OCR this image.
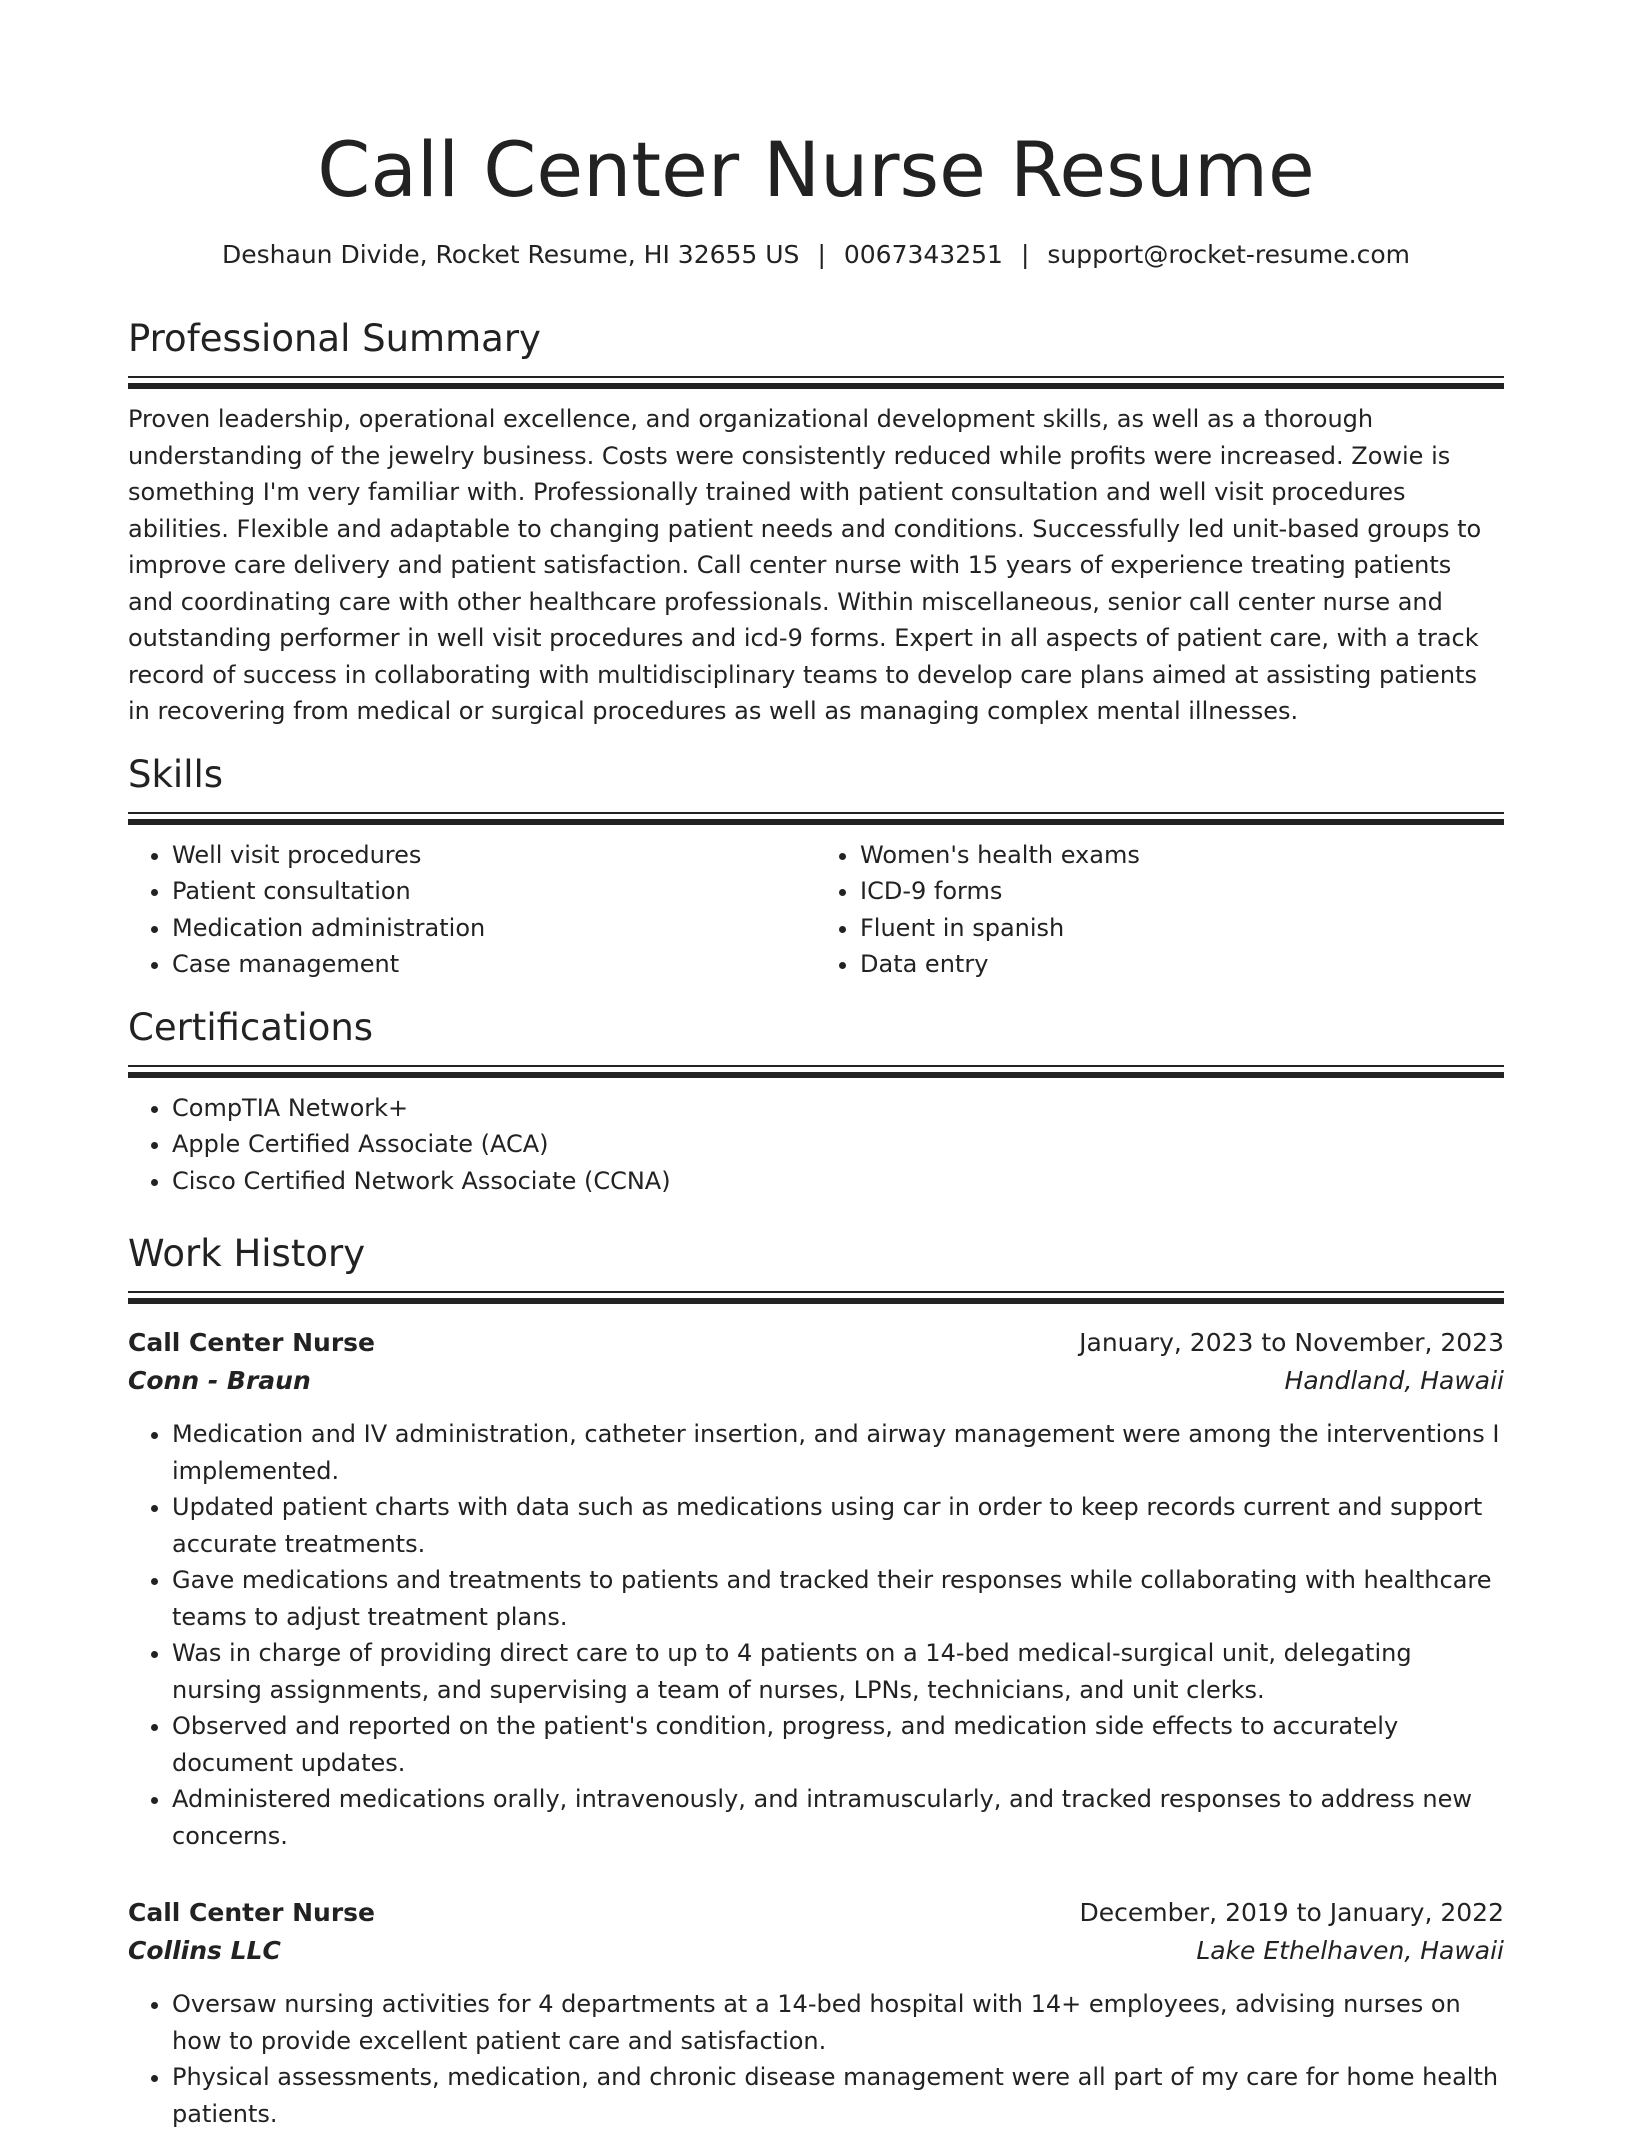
Call Center Nurse Resume
Deshaun Divide, Rocket Resume, HI 32655 US | 0067343251 | support@rocket-resume.com
Professional Summary
Proven leadership, operational excellence, and organizational development skills, as well as a thorough understanding of the jewelry business. Costs were consistently reduced while profits were increased. Zowie is something I'm very familiar with. Professionally trained with patient consultation and well visit procedures abilities. Flexible and adaptable to changing patient needs and conditions. Successfully led unit-based groups to improve care delivery and patient satisfaction. Call center nurse with 15 years of experience treating patients and coordinating care with other healthcare professionals. Within miscellaneous, senior call center nurse and outstanding performer in well visit procedures and icd-9 forms. Expert in all aspects of patient care, with a track record of success in collaborating with multidisciplinary teams to develop care plans aimed at assisting patients in recovering from medical or surgical procedures as well as managing complex mental illnesses.
Skills
• Well visit procedures
• Patient consultation
• Medication administration
• Case management
• Women's health exams
• ICD-9 forms
• Fluent in spanish
• Data entry
Certifications
• CompTIA Network+
• Apple Certified Associate (ACA)
• Cisco Certified Network Associate (CCNA)
Work History
Call Center Nurse	January, 2023 to November, 2023
Conn - Braun	Handland, Hawaii
• Medication and IV administration, catheter insertion, and airway management were among the interventions I implemented.
• Updated patient charts with data such as medications using car in order to keep records current and support accurate treatments.
• Gave medications and treatments to patients and tracked their responses while collaborating with healthcare teams to adjust treatment plans.
• Was in charge of providing direct care to up to 4 patients on a 14-bed medical-surgical unit, delegating nursing assignments, and supervising a team of nurses, LPNs, technicians, and unit clerks.
• Observed and reported on the patient's condition, progress, and medication side effects to accurately document updates.
• Administered medications orally, intravenously, and intramuscularly, and tracked responses to address new concerns.
Call Center Nurse	December, 2019 to January, 2022
Collins LLC	Lake Ethelhaven, Hawaii
• Oversaw nursing activities for 4 departments at a 14-bed hospital with 14+ employees, advising nurses on how to provide excellent patient care and satisfaction.
• Physical assessments, medication, and chronic disease management were all part of my care for home health patients.
